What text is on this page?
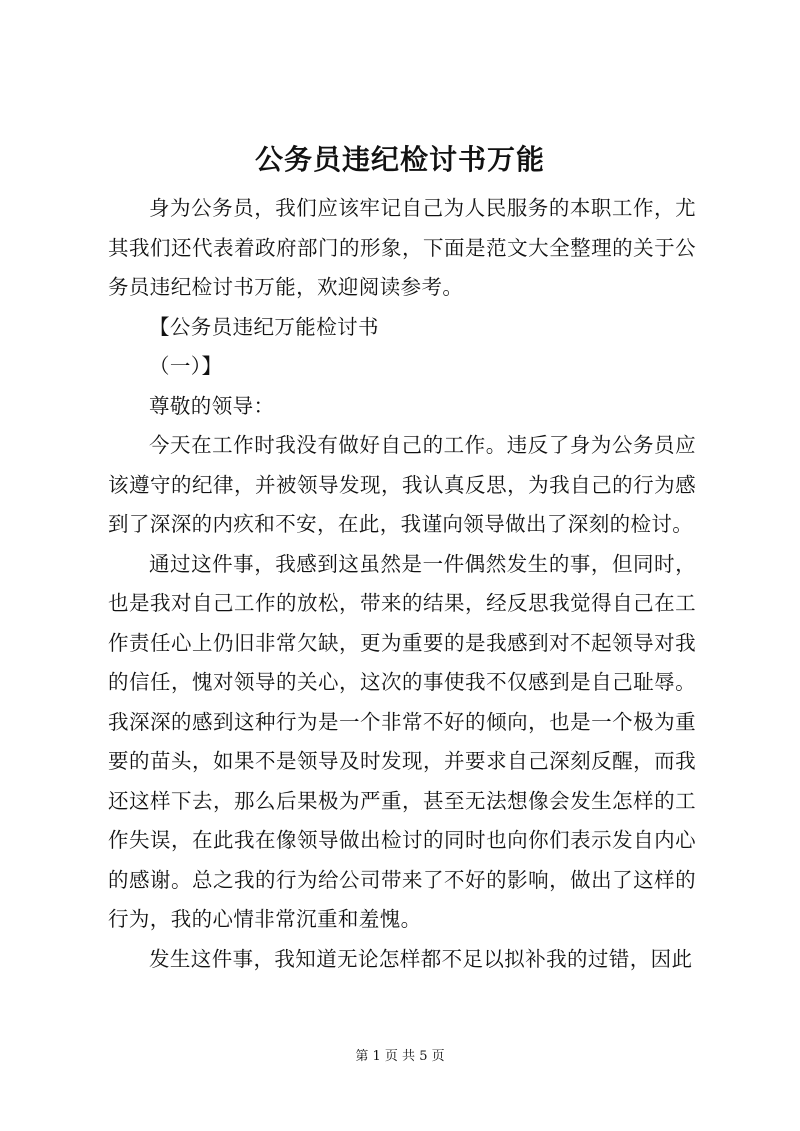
公务员违纪检讨书万能

身为公务员，我们应该牢记自己为人民服务的本职工作，尤其我们还代表着政府部门的形象，下面是范文大全整理的关于公务员违纪检讨书万能，欢迎阅读参考。

【公务员违纪万能检讨书

（一）】

尊敬的领导：

今天在工作时我没有做好自己的工作。违反了身为公务员应该遵守的纪律，并被领导发现，我认真反思，为我自己的行为感到了深深的内疚和不安，在此，我谨向领导做出了深刻的检讨。

通过这件事，我感到这虽然是一件偶然发生的事，但同时，也是我对自己工作的放松，带来的结果，经反思我觉得自己在工作责任心上仍旧非常欠缺，更为重要的是我感到对不起领导对我的信任，愧对领导的关心，这次的事使我不仅感到是自己耻辱。我深深的感到这种行为是一个非常不好的倾向，也是一个极为重要的苗头，如果不是领导及时发现，并要求自己深刻反醒，而我还这样下去，那么后果极为严重，甚至无法想像会发生怎样的工作失误，在此我在像领导做出检讨的同时也向你们表示发自内心的感谢。总之我的行为给公司带来了不好的影响，做出了这样的行为，我的心情非常沉重和羞愧。

发生这件事，我知道无论怎样都不足以拟补我的过错，因此

第 1 页 共 5 页
